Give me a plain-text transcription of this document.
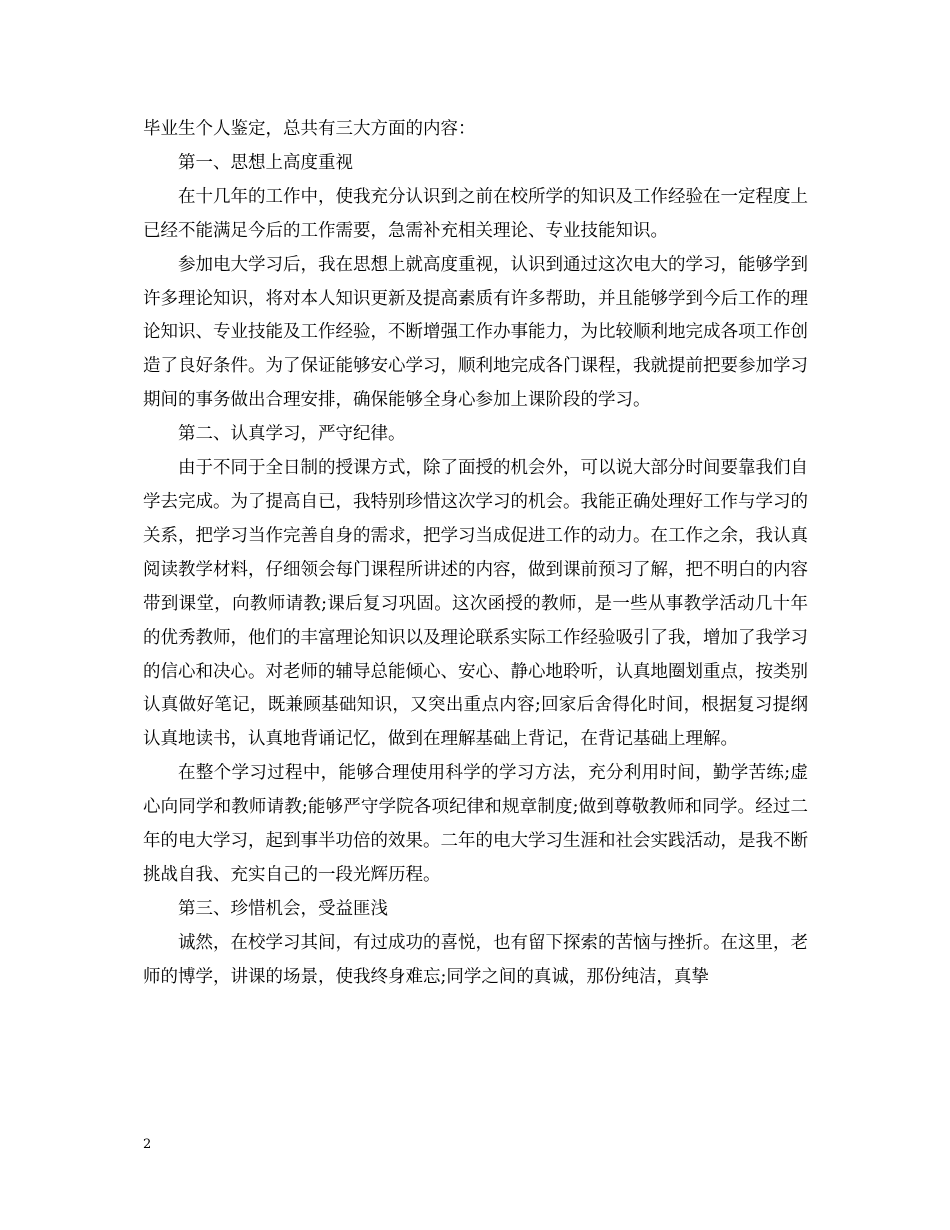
毕业生个人鉴定，总共有三大方面的内容：

第一、思想上高度重视

在十几年的工作中，使我充分认识到之前在校所学的知识及工作经验在一定程度上已经不能满足今后的工作需要，急需补充相关理论、专业技能知识。

参加电大学习后，我在思想上就高度重视，认识到通过这次电大的学习，能够学到许多理论知识，将对本人知识更新及提高素质有许多帮助，并且能够学到今后工作的理论知识、专业技能及工作经验，不断增强工作办事能力，为比较顺利地完成各项工作创造了良好条件。为了保证能够安心学习，顺利地完成各门课程，我就提前把要参加学习期间的事务做出合理安排，确保能够全身心参加上课阶段的学习。

第二、认真学习，严守纪律。

由于不同于全日制的授课方式，除了面授的机会外，可以说大部分时间要靠我们自学去完成。为了提高自已，我特别珍惜这次学习的机会。我能正确处理好工作与学习的关系，把学习当作完善自身的需求，把学习当成促进工作的动力。在工作之余，我认真阅读教学材料，仔细领会每门课程所讲述的内容，做到课前预习了解，把不明白的内容带到课堂，向教师请教;课后复习巩固。这次函授的教师，是一些从事教学活动几十年的优秀教师，他们的丰富理论知识以及理论联系实际工作经验吸引了我，增加了我学习的信心和决心。对老师的辅导总能倾心、安心、静心地聆听，认真地圈划重点，按类别认真做好笔记，既兼顾基础知识，又突出重点内容;回家后舍得化时间，根据复习提纲认真地读书，认真地背诵记忆，做到在理解基础上背记，在背记基础上理解。

在整个学习过程中，能够合理使用科学的学习方法，充分利用时间，勤学苦练;虚心向同学和教师请教;能够严守学院各项纪律和规章制度;做到尊敬教师和同学。经过二年的电大学习，起到事半功倍的效果。二年的电大学习生涯和社会实践活动，是我不断挑战自我、充实自己的一段光辉历程。

第三、珍惜机会，受益匪浅

诚然，在校学习其间，有过成功的喜悦，也有留下探索的苦恼与挫折。在这里，老师的博学，讲课的场景，使我终身难忘;同学之间的真诚，那份纯洁，真挚

2
